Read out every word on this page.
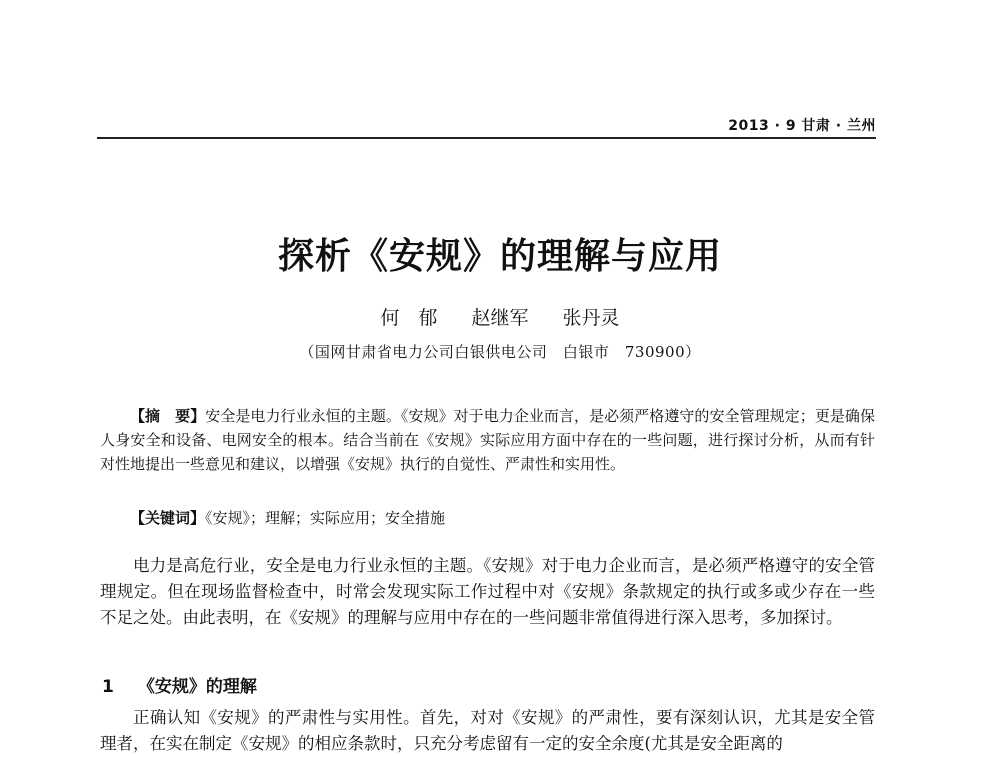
2013 · 9 甘肃 · 兰州
探析《安规》的理解与应用
何　郁 赵继军 张丹灵
（国网甘肃省电力公司白银供电公司　白银市　730900）

【摘　要】安全是电力行业永恒的主题。《安规》对于电力企业而言，是必须严格遵守的安全管理规定；更是确保人身安全和设备、电网安全的根本。结合当前在《安规》实际应用方面中存在的一些问题，进行探讨分析，从而有针对性地提出一些意见和建议，以增强《安规》执行的自觉性、严肃性和实用性。

【关键词】《安规》；理解；实际应用；安全措施

电力是高危行业，安全是电力行业永恒的主题。《安规》对于电力企业而言，是必须严格遵守的安全管理规定。但在现场监督检查中，时常会发现实际工作过程中对《安规》条款规定的执行或多或少存在一些不足之处。由此表明，在《安规》的理解与应用中存在的一些问题非常值得进行深入思考，多加探讨。

1 《安规》的理解

正确认知《安规》的严肃性与实用性。首先，对对《安规》的严肃性，要有深刻认识，尤其是安全管理者，在实在制定《安规》的相应条款时，只充分考虑留有一定的安全余度(尤其是安全距离的
